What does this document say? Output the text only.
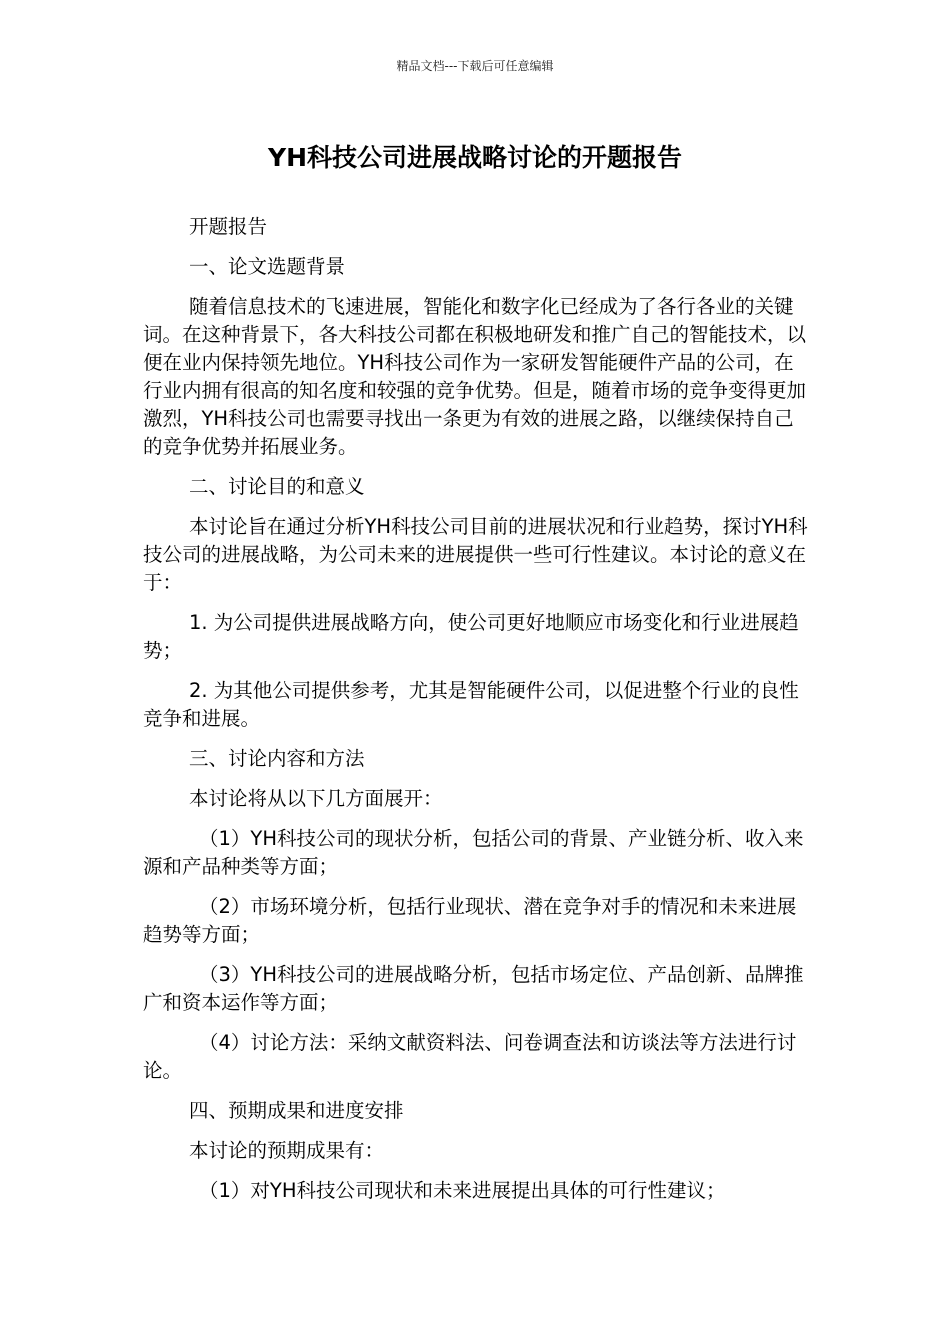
精品文档---下载后可任意编辑
YH科技公司进展战略讨论的开题报告

开题报告

一、论文选题背景

随着信息技术的飞速进展，智能化和数字化已经成为了各行各业的关键词。在这种背景下，各大科技公司都在积极地研发和推广自己的智能技术，以便在业内保持领先地位。YH科技公司作为一家研发智能硬件产品的公司，在行业内拥有很高的知名度和较强的竞争优势。但是，随着市场的竞争变得更加激烈，YH科技公司也需要寻找出一条更为有效的进展之路，以继续保持自己的竞争优势并拓展业务。

二、讨论目的和意义

本讨论旨在通过分析YH科技公司目前的进展状况和行业趋势，探讨YH科技公司的进展战略，为公司未来的进展提供一些可行性建议。本讨论的意义在于：

1. 为公司提供进展战略方向，使公司更好地顺应市场变化和行业进展趋势；

2. 为其他公司提供参考，尤其是智能硬件公司，以促进整个行业的良性竞争和进展。

三、讨论内容和方法

本讨论将从以下几方面展开：

（1）YH科技公司的现状分析，包括公司的背景、产业链分析、收入来源和产品种类等方面；

（2）市场环境分析，包括行业现状、潜在竞争对手的情况和未来进展趋势等方面；

（3）YH科技公司的进展战略分析，包括市场定位、产品创新、品牌推广和资本运作等方面；

（4）讨论方法：采纳文献资料法、问卷调查法和访谈法等方法进行讨论。

四、预期成果和进度安排

本讨论的预期成果有：

（1）对YH科技公司现状和未来进展提出具体的可行性建议；
